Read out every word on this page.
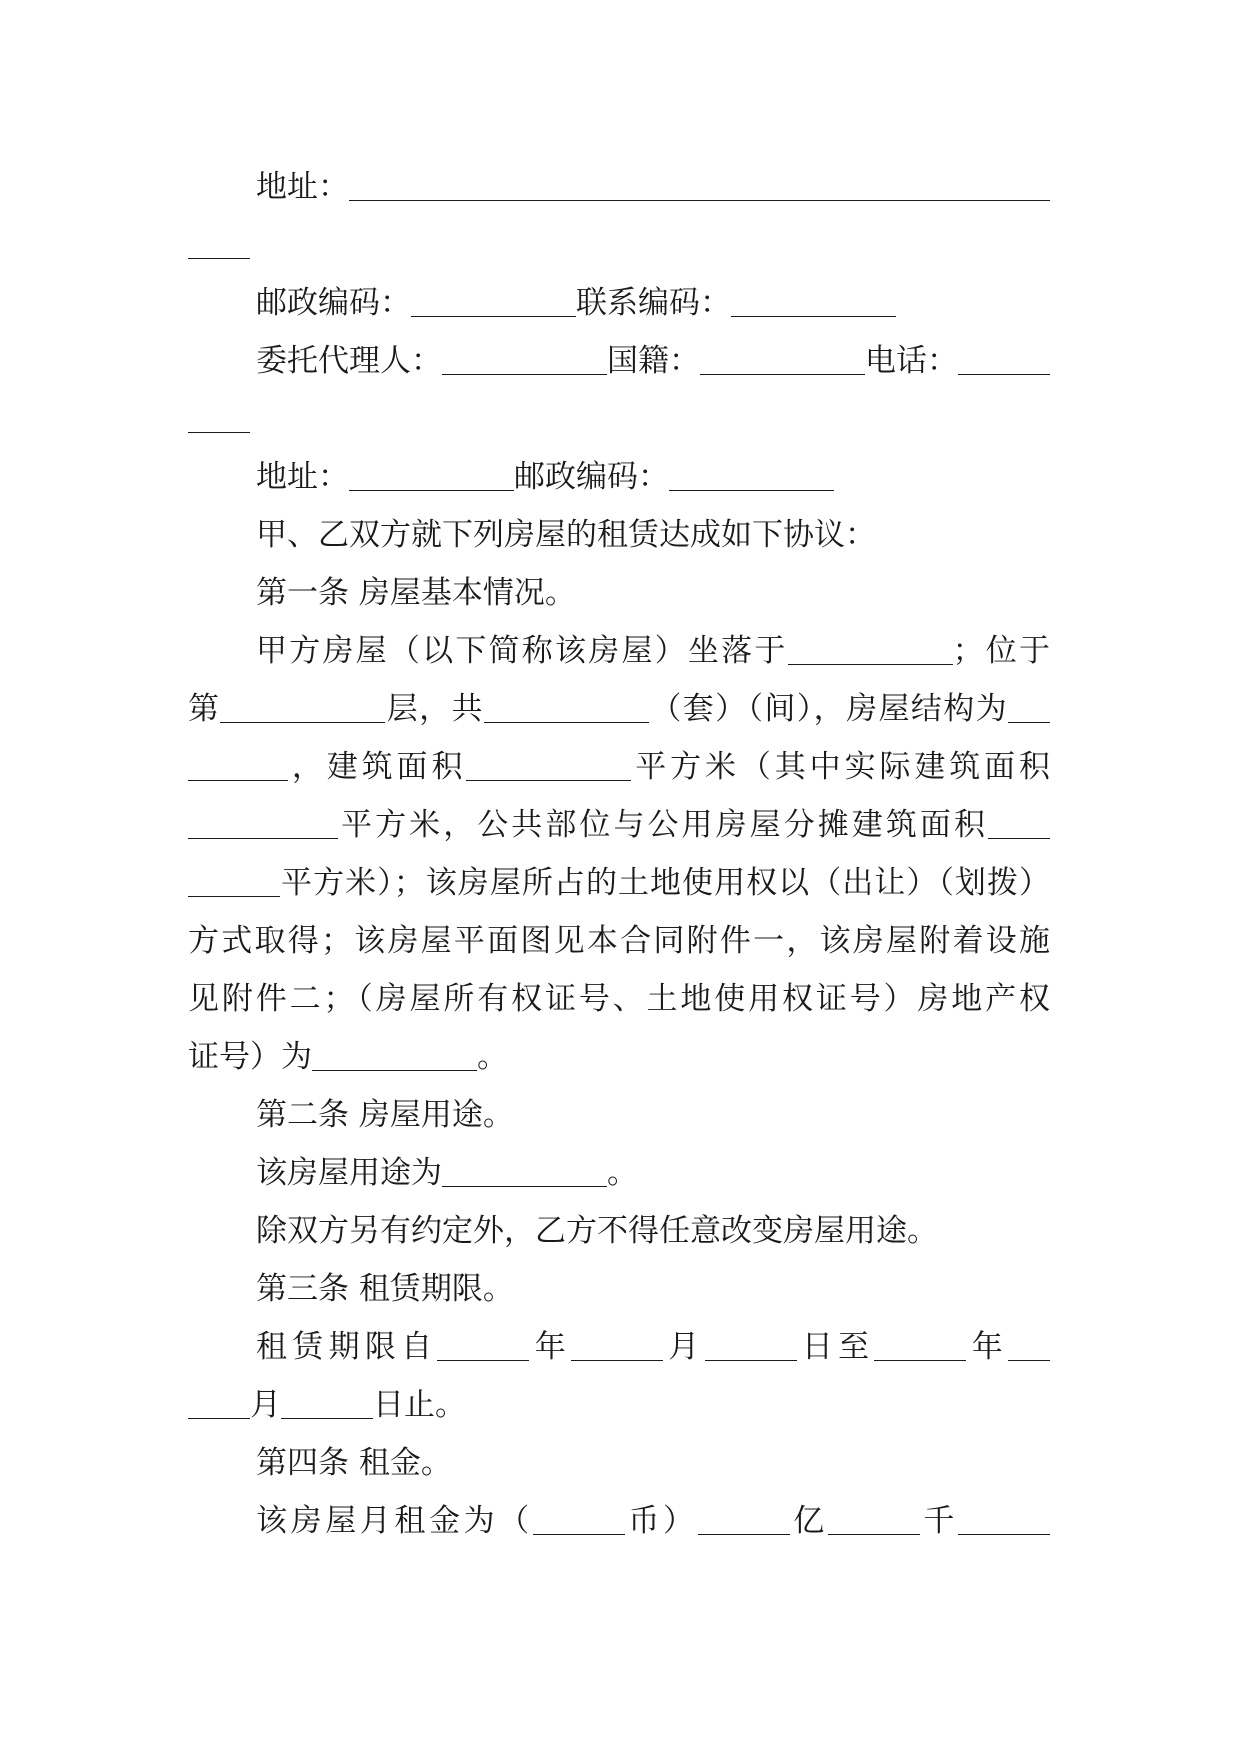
地址：
邮政编码：	联系编码：
委托代理人：	国籍：	电话：
地址：	邮政编码：
甲、乙双方就下列房屋的租赁达成如下协议：
第一条 房屋基本情况。
甲方房屋（以下简称该房屋）坐落于	；位于
第	层，共	（套）（间），房屋结构为
，建筑面积	平方米（其中实际建筑面积
平方米，公共部位与公用房屋分摊建筑面积
平方米）；该房屋所占的土地使用权以（出让）（划拨）
方式取得；该房屋平面图见本合同附件一，该房屋附着设施
见附件二；（房屋所有权证号、土地使用权证号）房地产权
证号）为	。
第二条 房屋用途。
该房屋用途为	。
除双方另有约定外，乙方不得任意改变房屋用途。
第三条 租赁期限。
租赁期限自	年	月	日至	年
月	日止。
第四条 租金。
该房屋月租金为（	币）	亿	千
